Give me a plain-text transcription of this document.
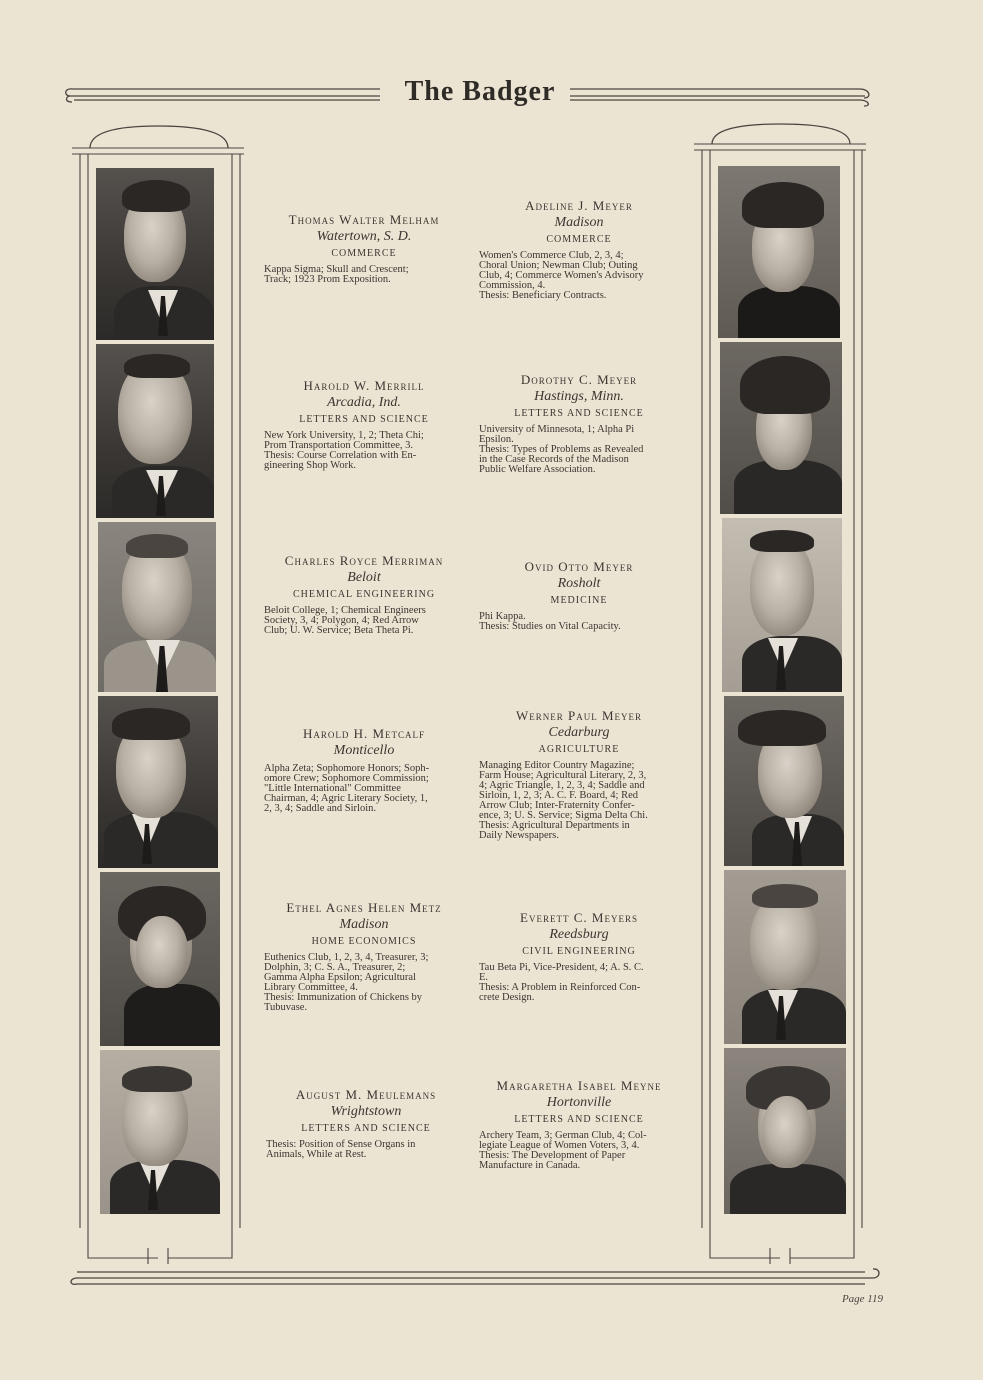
The Badger
Page 119
Thomas Walter Melham
Watertown, S. D.
COMMERCE
Kappa Sigma; Skull and Crescent;
Track; 1923 Prom Exposition.
Harold W. Merrill
Arcadia, Ind.
LETTERS AND SCIENCE
New York University, 1, 2; Theta Chi;
Prom Transportation Committee, 3.
Thesis: Course Correlation with En-
gineering Shop Work.
Charles Royce Merriman
Beloit
CHEMICAL ENGINEERING
Beloit College, 1; Chemical Engineers
Society, 3, 4; Polygon, 4; Red Arrow
Club; U. W. Service; Beta Theta Pi.
Harold H. Metcalf
Monticello
Alpha Zeta; Sophomore Honors; Soph-
omore Crew; Sophomore Commission;
"Little International" Committee
Chairman, 4; Agric Literary Society, 1,
2, 3, 4; Saddle and Sirloin.
Ethel Agnes Helen Metz
Madison
HOME ECONOMICS
Euthenics Club, 1, 2, 3, 4, Treasurer, 3;
Dolphin, 3; C. S. A., Treasurer, 2;
Gamma Alpha Epsilon; Agricultural
Library Committee, 4.
Thesis: Immunization of Chickens by
Tubuvase.
August M. Meulemans
Wrightstown
LETTERS AND SCIENCE
Thesis: Position of Sense Organs in
Animals, While at Rest.
Adeline J. Meyer
Madison
COMMERCE
Women's Commerce Club, 2, 3, 4;
Choral Union; Newman Club; Outing
Club, 4; Commerce Women's Advisory
Commission, 4.
Thesis: Beneficiary Contracts.
Dorothy C. Meyer
Hastings, Minn.
LETTERS AND SCIENCE
University of Minnesota, 1; Alpha Pi
Epsilon.
Thesis: Types of Problems as Revealed
in the Case Records of the Madison
Public Welfare Association.
Ovid Otto Meyer
Rosholt
MEDICINE
Phi Kappa.
Thesis: Studies on Vital Capacity.
Werner Paul Meyer
Cedarburg
AGRICULTURE
Managing Editor Country Magazine;
Farm House; Agricultural Literary, 2, 3,
4; Agric Triangle, 1, 2, 3, 4; Saddle and
Sirloin, 1, 2, 3; A. C. F. Board, 4; Red
Arrow Club; Inter-Fraternity Confer-
ence, 3; U. S. Service; Sigma Delta Chi.
Thesis: Agricultural Departments in
Daily Newspapers.
Everett C. Meyers
Reedsburg
CIVIL ENGINEERING
Tau Beta Pi, Vice-President, 4; A. S. C.
E.
Thesis: A Problem in Reinforced Con-
crete Design.
Margaretha Isabel Meyne
Hortonville
LETTERS AND SCIENCE
Archery Team, 3; German Club, 4; Col-
legiate League of Women Voters, 3, 4.
Thesis: The Development of Paper
Manufacture in Canada.
